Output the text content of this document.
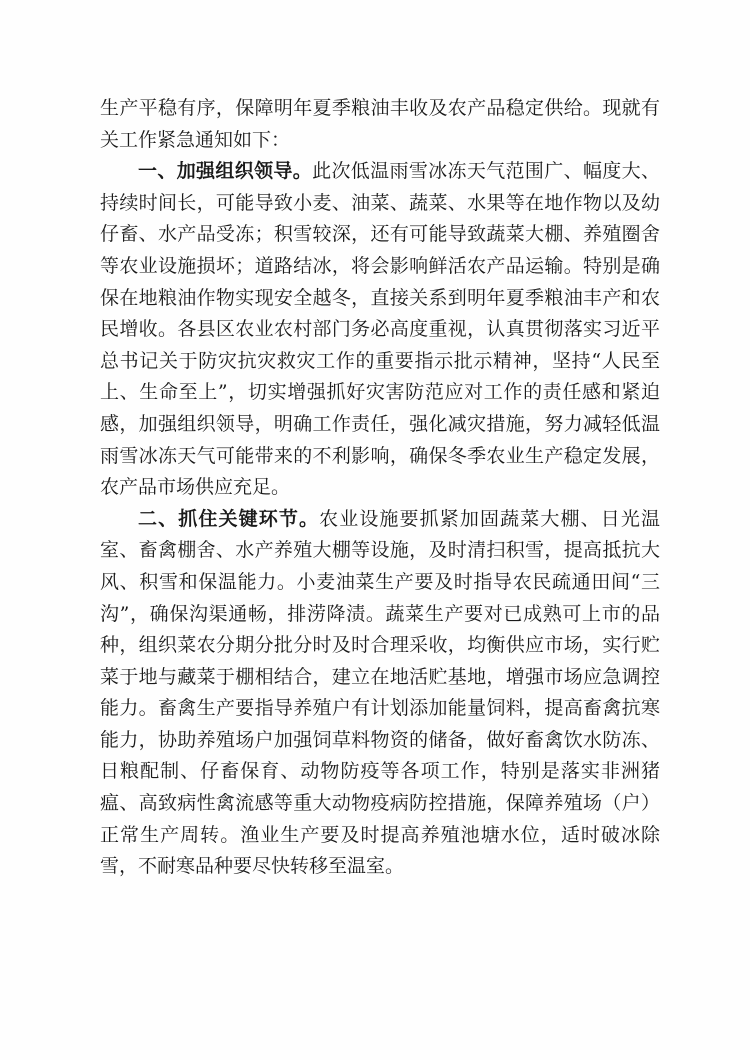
生产平稳有序，保障明年夏季粮油丰收及农产品稳定供给。现就有关工作紧急通知如下：

一、加强组织领导。此次低温雨雪冰冻天气范围广、幅度大、持续时间长，可能导致小麦、油菜、蔬菜、水果等在地作物以及幼仔畜、水产品受冻；积雪较深，还有可能导致蔬菜大棚、养殖圈舍等农业设施损坏；道路结冰，将会影响鲜活农产品运输。特别是确保在地粮油作物实现安全越冬，直接关系到明年夏季粮油丰产和农民增收。各县区农业农村部门务必高度重视，认真贯彻落实习近平总书记关于防灾抗灾救灾工作的重要指示批示精神，坚持“人民至上、生命至上”，切实增强抓好灾害防范应对工作的责任感和紧迫感，加强组织领导，明确工作责任，强化减灾措施，努力减轻低温雨雪冰冻天气可能带来的不利影响，确保冬季农业生产稳定发展，农产品市场供应充足。

二、抓住关键环节。农业设施要抓紧加固蔬菜大棚、日光温室、畜禽棚舍、水产养殖大棚等设施，及时清扫积雪，提高抵抗大风、积雪和保温能力。小麦油菜生产要及时指导农民疏通田间“三沟”，确保沟渠通畅，排涝降渍。蔬菜生产要对已成熟可上市的品种，组织菜农分期分批分时及时合理采收，均衡供应市场，实行贮菜于地与藏菜于棚相结合，建立在地活贮基地，增强市场应急调控能力。畜禽生产要指导养殖户有计划添加能量饲料，提高畜禽抗寒能力，协助养殖场户加强饲草料物资的储备，做好畜禽饮水防冻、日粮配制、仔畜保育、动物防疫等各项工作，特别是落实非洲猪瘟、高致病性禽流感等重大动物疫病防控措施，保障养殖场（户）正常生产周转。渔业生产要及时提高养殖池塘水位，适时破冰除雪，不耐寒品种要尽快转移至温室。
